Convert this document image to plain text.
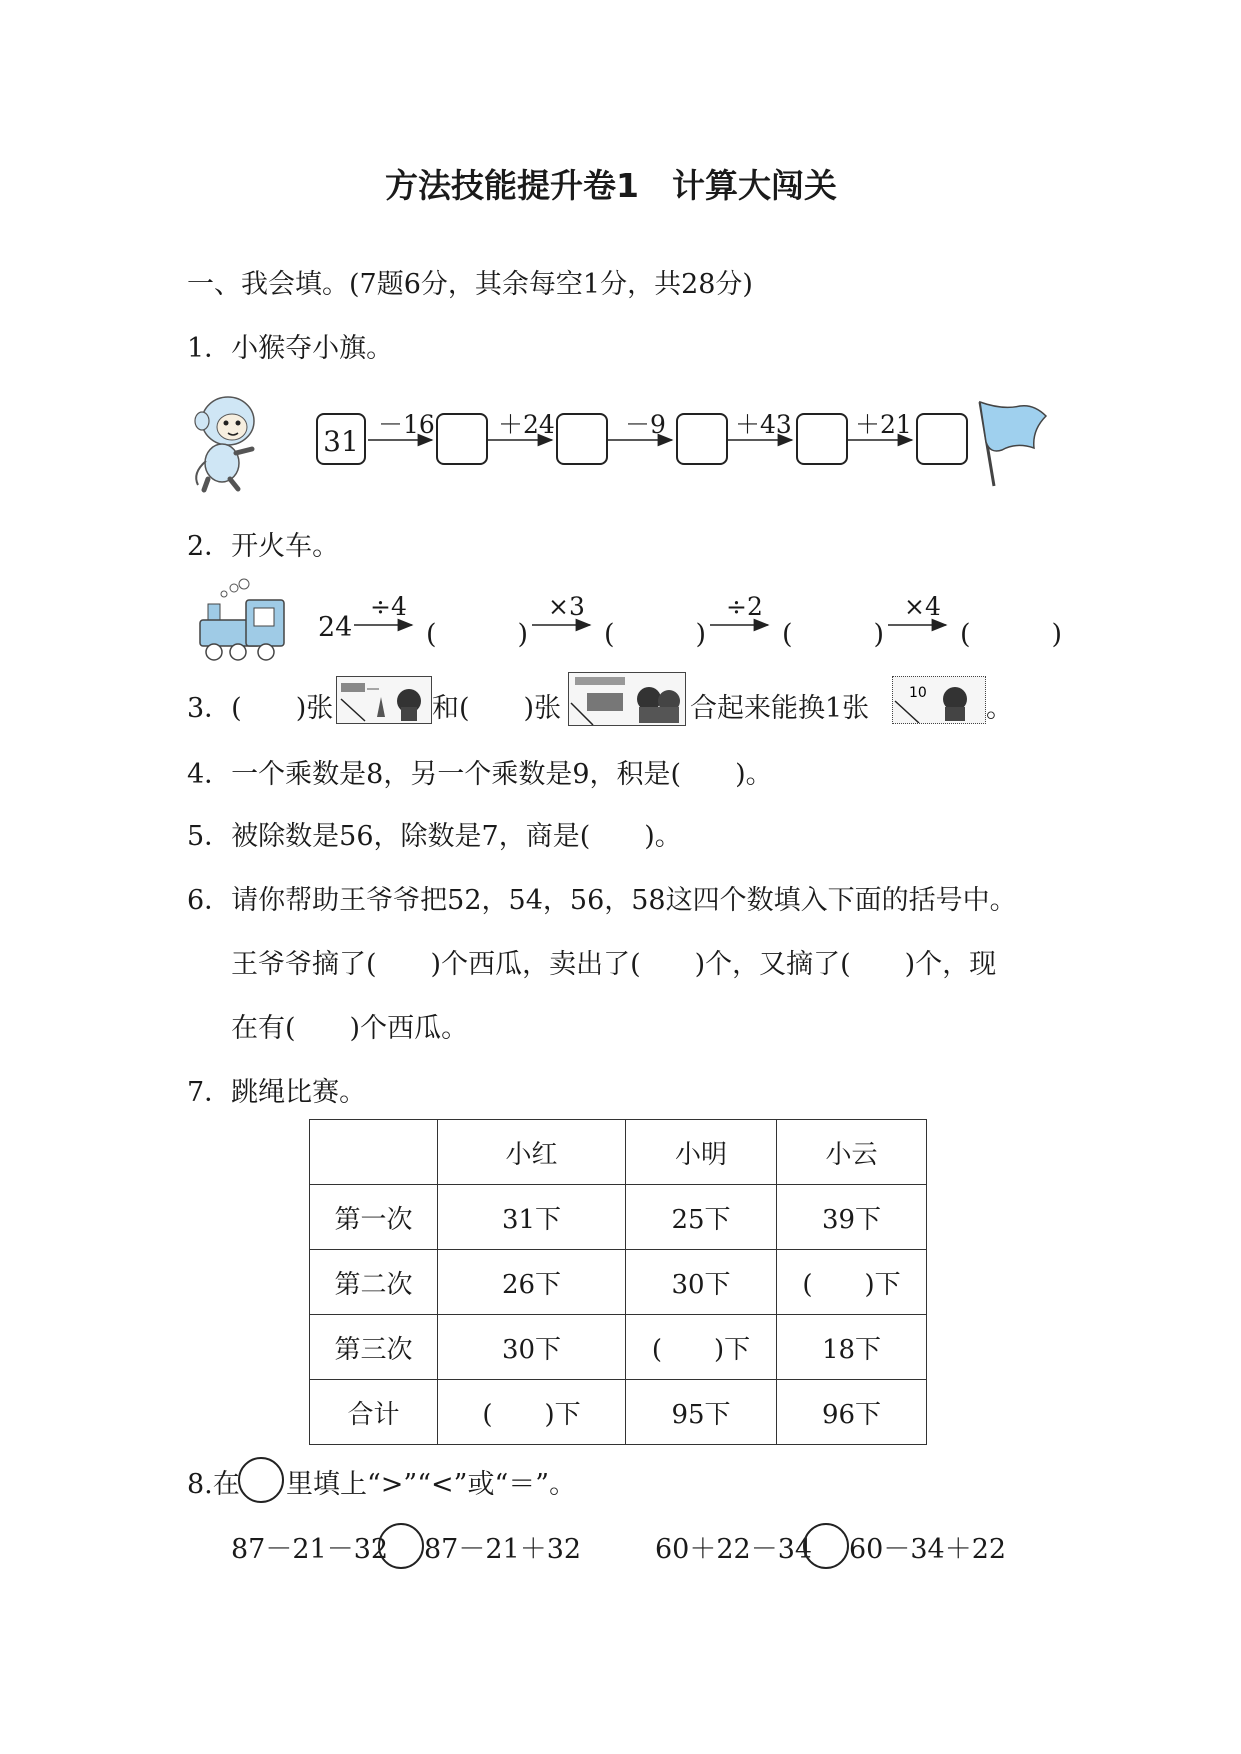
方法技能提升卷1　计算大闯关
一、我会填。(7题6分，其余每空1分，共28分)
1．小猴夺小旗。
31
－16	＋24	－9	＋43	＋21
2．开火车。
24
÷4	×3	÷2	×4
(　　　)	(　　　)	(　　　)	(　　　)
3．(　　)张	和(　　)张	合起来能换1张	10 。
4．一个乘数是8，另一个乘数是9，积是(　　)。
5．被除数是56，除数是7，商是(　　)。
6．请你帮助王爷爷把52，54，56，58这四个数填入下面的括号中。
王爷爷摘了(　　)个西瓜，卖出了(　　)个，又摘了(　　)个，现
在有(　　)个西瓜。
7．跳绳比赛。
	小红	小明	小云
第一次	31下	25下	39下
第二次	26下	30下	(　　)下
第三次	30下	(　　)下	18下
合计	(　　)下	95下	96下
8.在 里填上“>”“<”或“＝”。
87－21－32 87－21＋32	60＋22－34 60－34＋22
